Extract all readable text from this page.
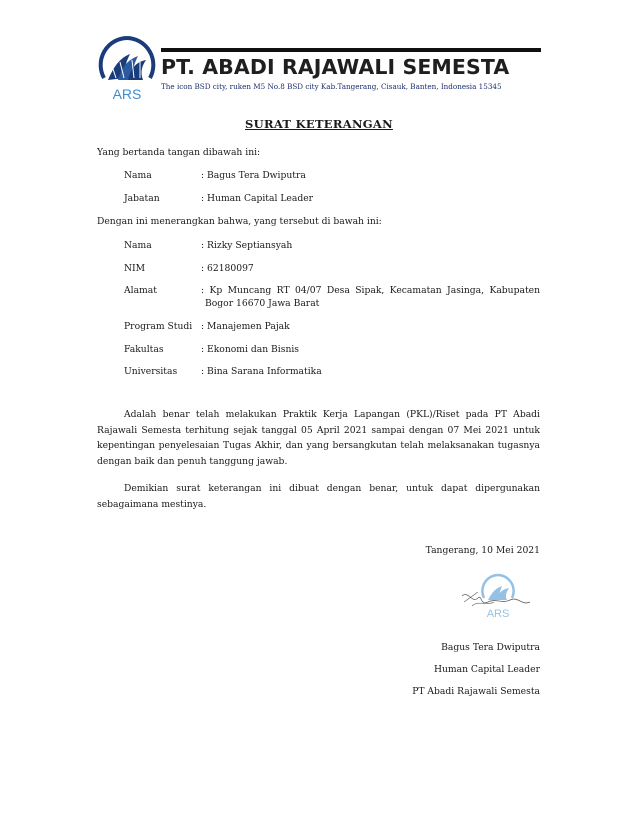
ARS
PT. ABADI RAJAWALI SEMESTA
The icon BSD city, ruken M5 No.8 BSD city Kab.Tangerang, Cisauk, Banten, Indonesia 15345
SURAT KETERANGAN
Yang bertanda tangan dibawah ini:
Nama	: Bagus Tera Dwiputra
Jabatan	: Human Capital Leader
Dengan ini menerangkan bahwa, yang tersebut di bawah ini:
Nama	: Rizky Septiansyah
NIM	: 62180097
Alamat	: Kp Muncang RT 04/07 Desa Sipak, Kecamatan Jasinga, Kabupaten
Bogor 16670 Jawa Barat
Program Studi : Manajemen Pajak
Fakultas	: Ekonomi dan Bisnis
Universitas	: Bina Sarana Informatika
Adalah benar telah melakukan Praktik Kerja Lapangan (PKL)/Riset pada PT Abadi Rajawali Semesta terhitung sejak tanggal 05 April 2021 sampai dengan 07 Mei 2021 untuk kepentingan penyelesaian Tugas Akhir, dan yang bersangkutan telah melaksanakan tugasnya dengan baik dan penuh tanggung jawab.
Demikian surat keterangan ini dibuat dengan benar, untuk dapat dipergunakan sebagaimana mestinya.
Tangerang, 10 Mei 2021
ARS
Bagus Tera Dwiputra
Human Capital Leader
PT Abadi Rajawali Semesta
